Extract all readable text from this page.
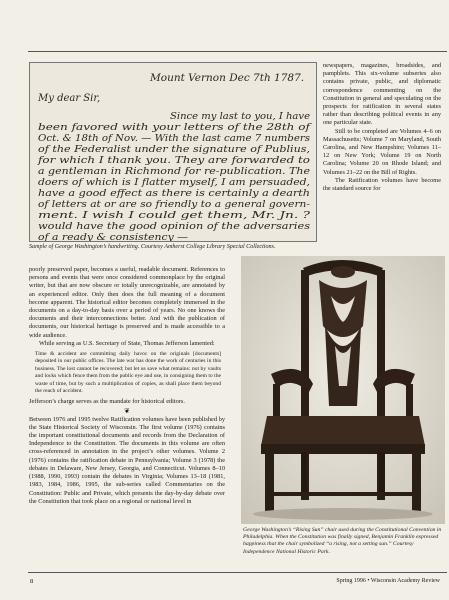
Mount Vernon Dec 7th 1787.
My dear Sir,
Since my last to you, I have
been favored with your letters of the 28th of
Oct. & 18th of Nov. — With the last came 7 numbers
of the Federalist under the signature of Publius,
for which I thank you. They are forwarded to
a gentleman in Richmond for re-publication. The
doers of which is I flatter myself, I am persuaded,
have a good effect as there is certainly a dearth
of letters at or are so friendly to a general govern-
ment. I wish I could get them, Mr. Jn. ?
would have the good opinion of the adversaries
of a ready & consistency —
Sample of George Washington’s handwriting. Courtesy Amherst College Library Special Collections.

newspapers, magazines, broadsides, and pamphlets. This six-volume subseries also contains private, public, and diplomatic correspondence commenting on the Constitution in general and speculating on the prospects for ratification in several states rather than describing political events in any one particular state.

Still to be completed are Volumes 4–6 on Massachusetts; Volume 7 on Maryland, South Carolina, and New Hampshire; Volumes 11–12 on New York; Volume 19 on North Carolina; Volume 20 on Rhode Island; and Volumes 21–22 on the Bill of Rights.

The Ratification volumes have become the standard source for

poorly preserved paper, becomes a useful, readable document. References to persons and events that were once considered commonplace by the original writer, but that are now obscure or totally unrecognizable, are annotated by an experienced editor. Only then does the full meaning of a document become apparent. The historical editor becomes completely immersed in the documents on a day-to-day basis over a period of years. No one knows the documents and their interconnections better. And with the publication of documents, our historical heritage is preserved and is made accessible to a wide audience.

While serving as U.S. Secretary of State, Thomas Jefferson lamented:

Time & accident are committing daily havoc on the originals [documents] deposited in our public offices. The late war has done the work of centuries in this business. The lost cannot be recovered; but let us save what remains: not by vaults and locks which fence them from the public eye and use, in consigning them to the waste of time, but by such a multiplication of copies, as shall place them beyond the reach of accident.

Jefferson’s charge serves as the mandate for historical editors.

❦

Between 1976 and 1995 twelve Ratification volumes have been published by the State Historical Society of Wisconsin. The first volume (1976) contains the important constitutional documents and records from the Declaration of Independence to the Constitution. The documents in this volume are often cross-referenced in annotation in the project’s other volumes. Volume 2 (1976) contains the ratification debate in Pennsylvania; Volume 3 (1978) the debates in Delaware, New Jersey, Georgia, and Connecticut. Volumes 8–10 (1988, 1990, 1993) contain the debates in Virginia; Volumes 13–18 (1981, 1983, 1984, 1986, 1995, the sub-series called Commentaries on the Constitution: Public and Private, which presents the day-by-day debate over the Constitution that took place on a regional or national level in

George Washington’s “Rising Sun” chair used during the Constitutional Convention in Philadelphia. When the Constitution was finally signed, Benjamin Franklin expressed happiness that the chair symbolized “a rising, not a setting sun.” Courtesy Independence National Historic Park.
8	Spring 1996 • Wisconsin Academy Review
